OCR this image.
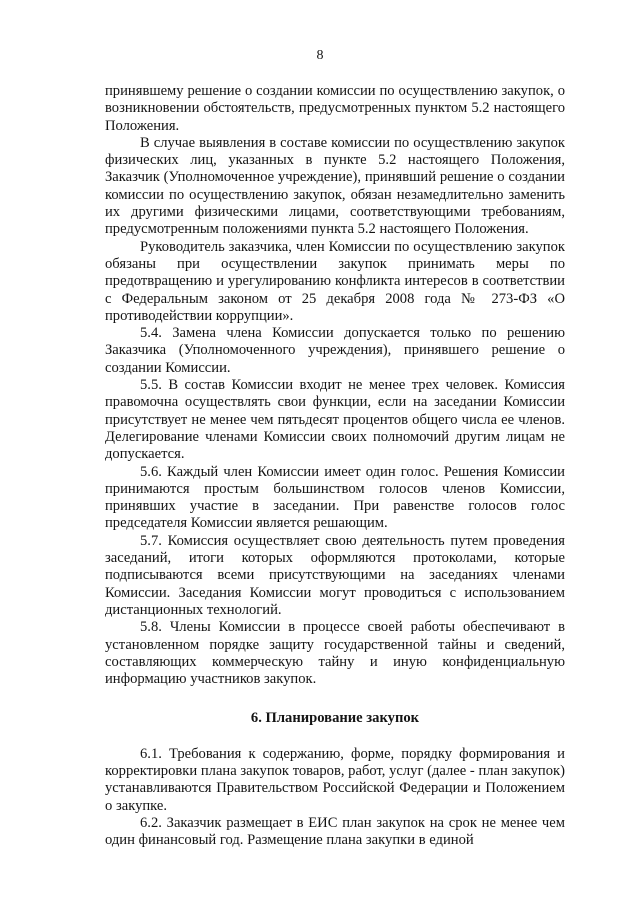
8

принявшему решение о создании комиссии по осуществлению закупок, о возникновении обстоятельств, предусмотренных пунктом 5.2 настоящего Положения.

В случае выявления в составе комиссии по осуществлению закупок физических лиц, указанных в пункте 5.2 настоящего Положения, Заказчик (Уполномоченное учреждение), принявший решение о создании комиссии по осуществлению закупок, обязан незамедлительно заменить их другими физическими лицами, соответствующими требованиям, предусмотренным положениями пункта 5.2 настоящего Положения.

Руководитель заказчика, член Комиссии по осуществлению закупок обязаны при осуществлении закупок принимать меры по предотвращению и урегулированию конфликта интересов в соответствии с Федеральным законом от 25 декабря 2008 года № 273-ФЗ «О противодействии коррупции».

5.4. Замена члена Комиссии допускается только по решению Заказчика (Уполномоченного учреждения), принявшего решение о создании Комиссии.

5.5. В состав Комиссии входит не менее трех человек. Комиссия правомочна осуществлять свои функции, если на заседании Комиссии присутствует не менее чем пятьдесят процентов общего числа ее членов. Делегирование членами Комиссии своих полномочий другим лицам не допускается.

5.6. Каждый член Комиссии имеет один голос. Решения Комиссии принимаются простым большинством голосов членов Комиссии, принявших участие в заседании. При равенстве голосов голос председателя Комиссии является решающим.

5.7. Комиссия осуществляет свою деятельность путем проведения заседаний, итоги которых оформляются протоколами, которые подписываются всеми присутствующими на заседаниях членами Комиссии. Заседания Комиссии могут проводиться с использованием дистанционных технологий.

5.8. Члены Комиссии в процессе своей работы обеспечивают в установленном порядке защиту государственной тайны и сведений, составляющих коммерческую тайну и иную конфиденциальную информацию участников закупок.

6. Планирование закупок

6.1. Требования к содержанию, форме, порядку формирования и корректировки плана закупок товаров, работ, услуг (далее - план закупок) устанавливаются Правительством Российской Федерации и Положением о закупке.

6.2. Заказчик размещает в ЕИС план закупок на срок не менее чем один финансовый год. Размещение плана закупки в единой
